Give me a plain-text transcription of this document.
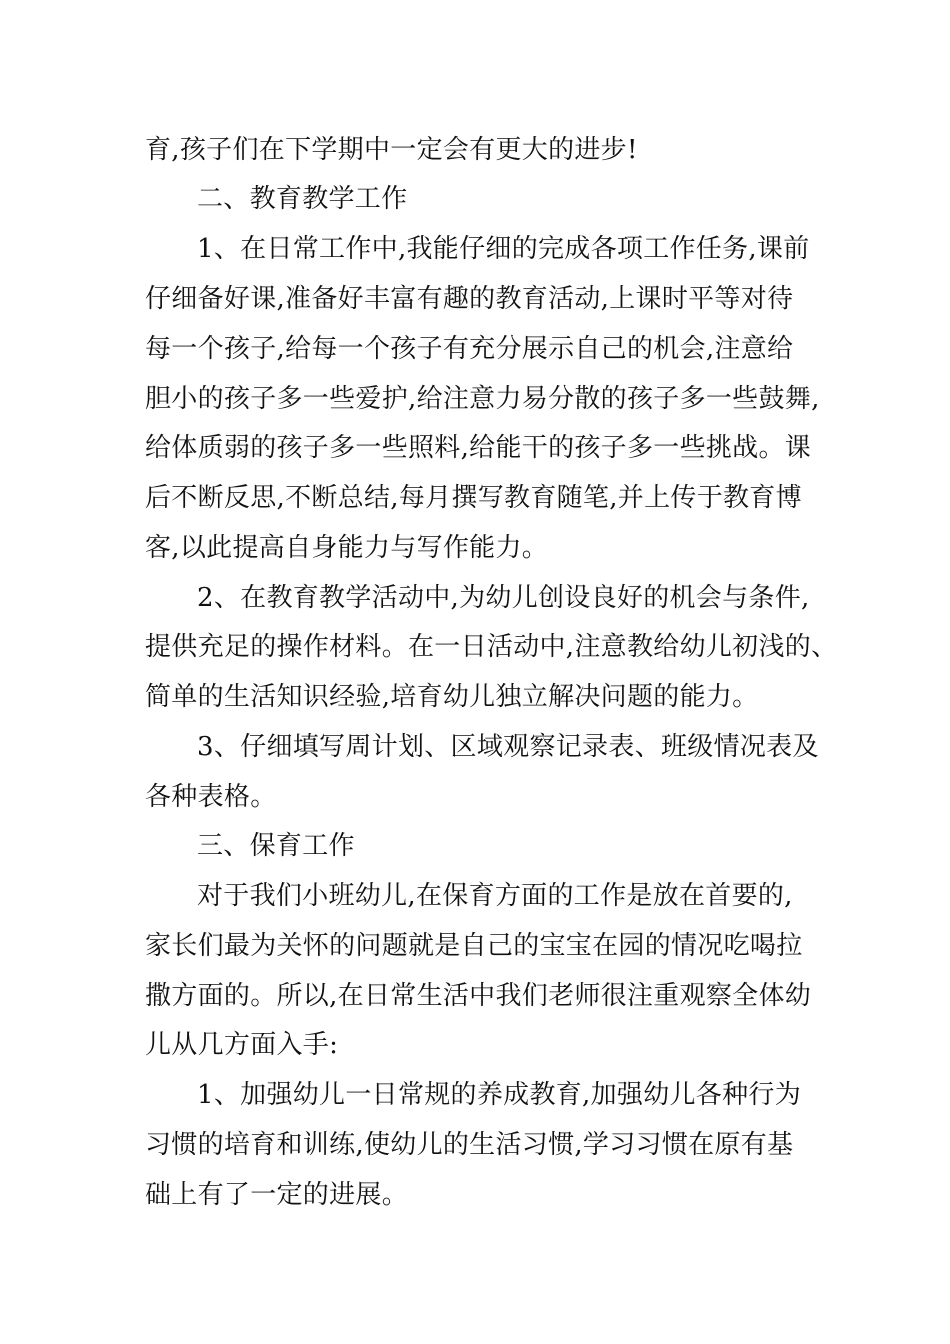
育,孩子们在下学期中一定会有更大的进步!
二、教育教学工作
1、在日常工作中,我能仔细的完成各项工作任务,课前
仔细备好课,准备好丰富有趣的教育活动,上课时平等对待
每一个孩子,给每一个孩子有充分展示自己的机会,注意给
胆小的孩子多一些爱护,给注意力易分散的孩子多一些鼓舞,
给体质弱的孩子多一些照料,给能干的孩子多一些挑战。课
后不断反思,不断总结,每月撰写教育随笔,并上传于教育博
客,以此提高自身能力与写作能力。
2、在教育教学活动中,为幼儿创设良好的机会与条件,
提供充足的操作材料。在一日活动中,注意教给幼儿初浅的、
简单的生活知识经验,培育幼儿独立解决问题的能力。
3、仔细填写周计划、区域观察记录表、班级情况表及
各种表格。
三、保育工作
对于我们小班幼儿,在保育方面的工作是放在首要的,
家长们最为关怀的问题就是自己的宝宝在园的情况吃喝拉
撒方面的。所以,在日常生活中我们老师很注重观察全体幼
儿从几方面入手:
1、加强幼儿一日常规的养成教育,加强幼儿各种行为
习惯的培育和训练,使幼儿的生活习惯,学习习惯在原有基
础上有了一定的进展。
